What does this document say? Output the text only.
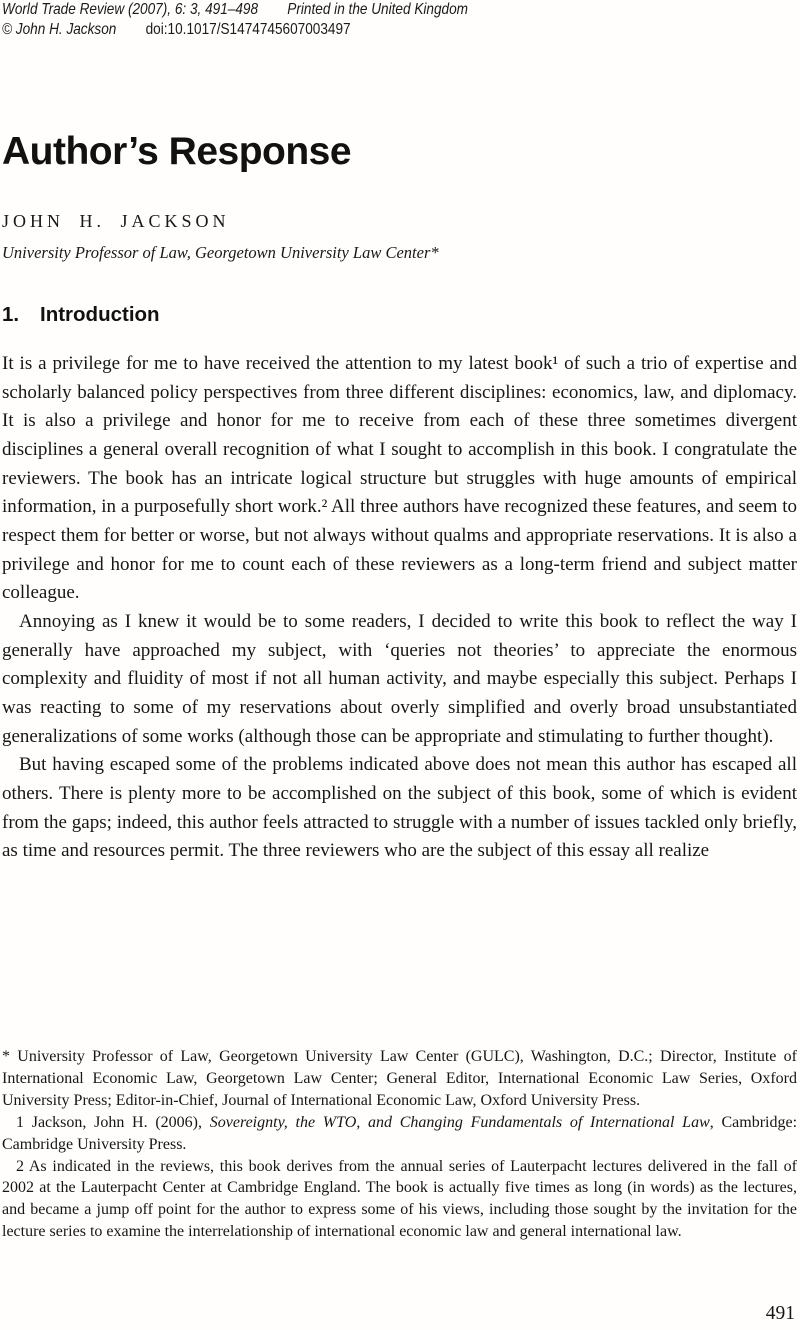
World Trade Review (2007), 6: 3, 491–498 Printed in the United Kingdom
© John H. Jackson doi:10.1017/S1474745607003497
Author’s Response
JOHN H. JACKSON
University Professor of Law, Georgetown University Law Center*
1. Introduction

It is a privilege for me to have received the attention to my latest book¹ of such a trio of expertise and scholarly balanced policy perspectives from three different disciplines: economics, law, and diplomacy. It is also a privilege and honor for me to receive from each of these three sometimes divergent disciplines a general overall recognition of what I sought to accomplish in this book. I congratulate the reviewers. The book has an intricate logical structure but struggles with huge amounts of empirical information, in a purposefully short work.² All three authors have recognized these features, and seem to respect them for better or worse, but not always without qualms and appropriate reservations. It is also a privilege and honor for me to count each of these reviewers as a long-term friend and subject matter colleague.

Annoying as I knew it would be to some readers, I decided to write this book to reflect the way I generally have approached my subject, with ‘queries not theories’ to appreciate the enormous complexity and fluidity of most if not all human activity, and maybe especially this subject. Perhaps I was reacting to some of my reservations about overly simplified and overly broad unsubstantiated generalizations of some works (although those can be appropriate and stimulating to further thought).

But having escaped some of the problems indicated above does not mean this author has escaped all others. There is plenty more to be accomplished on the subject of this book, some of which is evident from the gaps; indeed, this author feels attracted to struggle with a number of issues tackled only briefly, as time and resources permit. The three reviewers who are the subject of this essay all realize

* University Professor of Law, Georgetown University Law Center (GULC), Washington, D.C.; Director, Institute of International Economic Law, Georgetown Law Center; General Editor, International Economic Law Series, Oxford University Press; Editor-in-Chief, Journal of International Economic Law, Oxford University Press.

1 Jackson, John H. (2006), Sovereignty, the WTO, and Changing Fundamentals of International Law, Cambridge: Cambridge University Press.

2 As indicated in the reviews, this book derives from the annual series of Lauterpacht lectures delivered in the fall of 2002 at the Lauterpacht Center at Cambridge England. The book is actually five times as long (in words) as the lectures, and became a jump off point for the author to express some of his views, including those sought by the invitation for the lecture series to examine the interrelationship of international economic law and general international law.

491
